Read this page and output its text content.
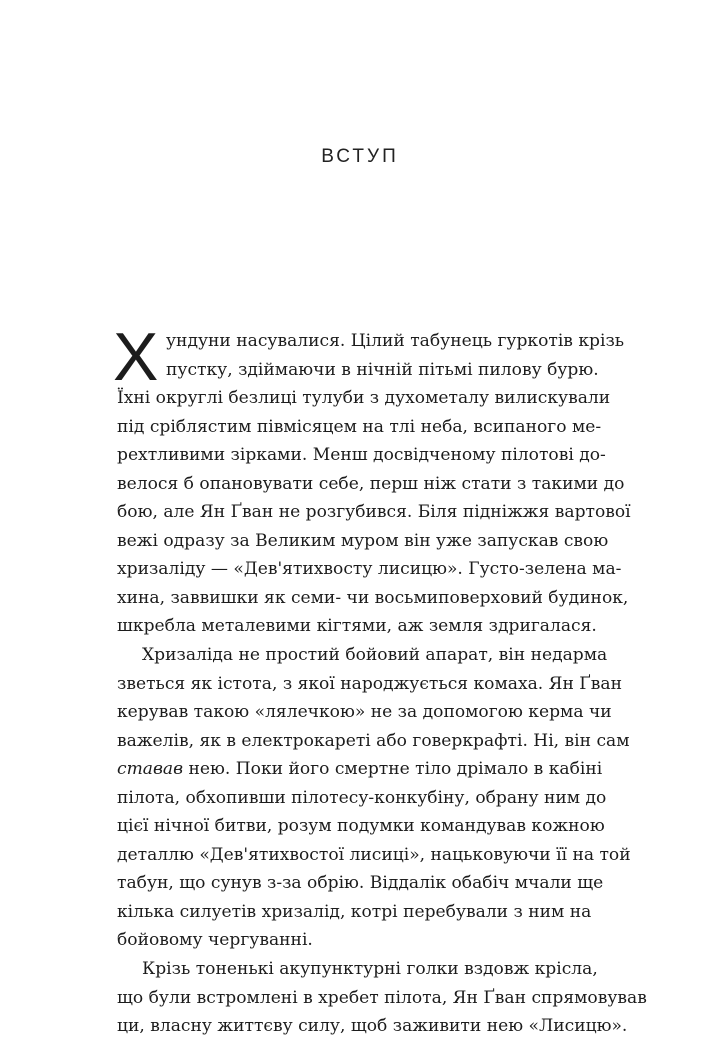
ВСТУП
Х ундуни насувалися. Цілий табунець гуркотів крізь
пустку, здіймаючи в нічній пітьмі пилову бурю.
Їхні округлі безлиці тулуби з духометалу вилискували
під сріблястим півмісяцем на тлі неба, всипаного ме-
рехтливими зірками. Менш досвідченому пілотові до-
велося б опановувати себе, перш ніж стати з такими до
бою, але Ян Ґван не розгубився. Біля підніжжя вартової
вежі одразу за Великим муром він уже запускав свою
хризаліду — «Дев'ятихвосту лисицю». Густо-зелена ма-
хина, заввишки як семи- чи восьмиповерховий будинок,
шкребла металевими кігтями, аж земля здригалася.
Хризаліда не простий бойовий апарат, він недарма
зветься як істота, з якої народжується комаха. Ян Ґван
керував такою «лялечкою» не за допомогою керма чи
важелів, як в електрокареті або говеркрафті. Ні, він сам
ставав нею. Поки його смертне тіло дрімало в кабіні
пілота, обхопивши пілотесу-конкубіну, обрану ним до
цієї нічної битви, розум подумки командував кожною
деталлю «Дев'ятихвостої лисиці», нацьковуючи її на той
табун, що сунув з-за обрію. Віддалік обабіч мчали ще
кілька силуетів хризалід, котрі перебували з ним на
бойовому чергуванні.
Крізь тоненькі акупунктурні голки вздовж крісла,
що були встромлені в хребет пілота, Ян Ґван спрямовував
ци, власну життєву силу, щоб заживити нею «Лисицю».
